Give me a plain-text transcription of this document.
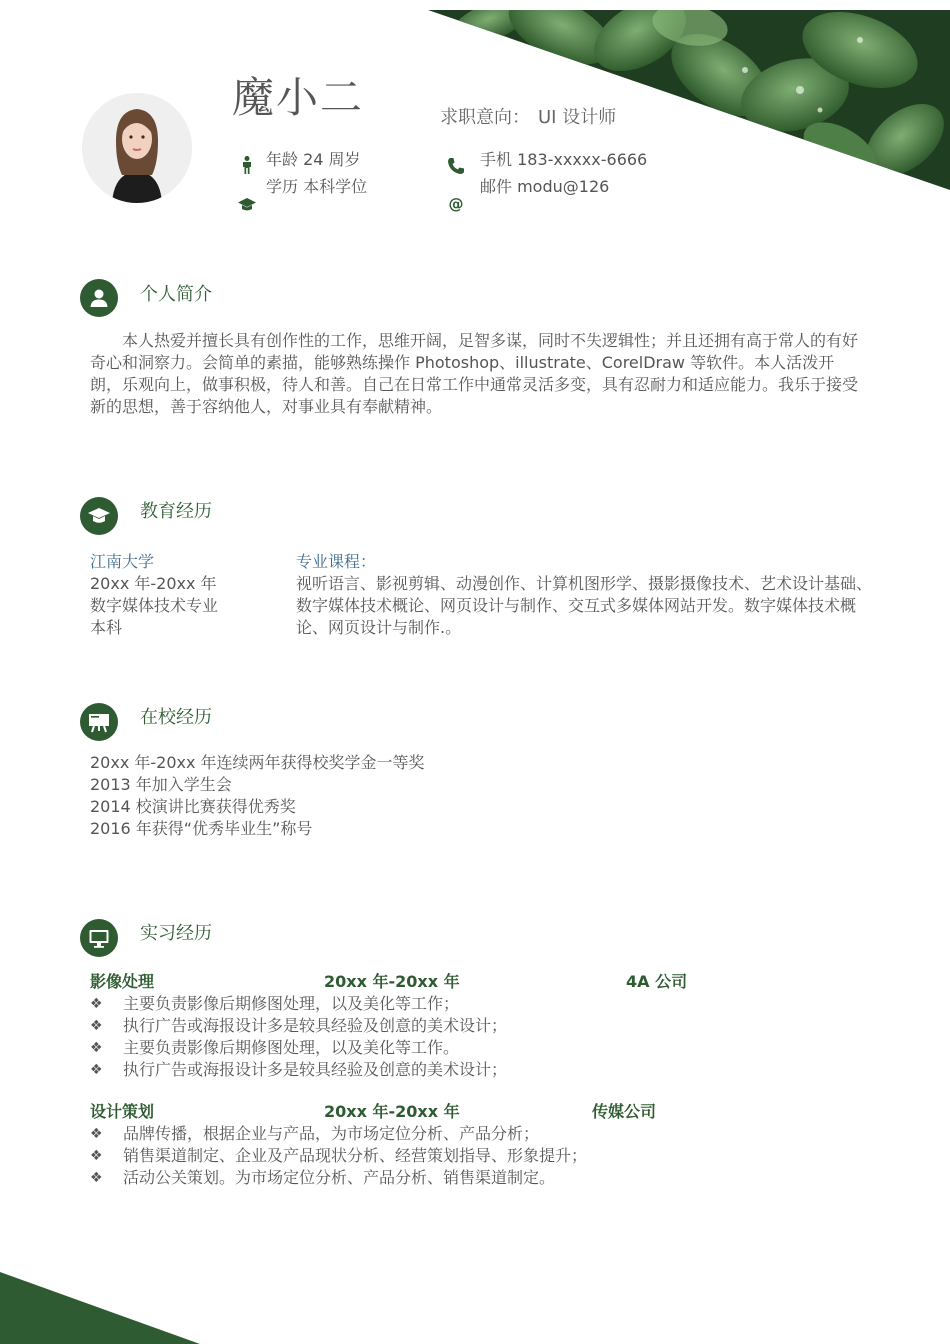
魔小二	求职意向： UI 设计师
年龄 24 周岁
学历 本科学位
手机 183-xxxxx-6666
@
邮件 modu@126
个人简介

本人热爱并擅长具有创作性的工作，思维开阔，足智多谋，同时不失逻辑性；并且还拥有高于常人的有好奇心和洞察力。会简单的素描，能够熟练操作 Photoshop、illustrate、CorelDraw 等软件。本人活泼开朗，乐观向上，做事积极，待人和善。自己在日常工作中通常灵活多变，具有忍耐力和适应能力。我乐于接受新的思想，善于容纳他人，对事业具有奉献精神。

教育经历
江南大学
20xx 年-20xx 年
数字媒体技术专业
本科
专业课程：
视听语言、影视剪辑、动漫创作、计算机图形学、摄影摄像技术、艺术设计基础、数字媒体技术概论、网页设计与制作、交互式多媒体网站开发。数字媒体技术概论、网页设计与制作.。
在校经历
20xx 年-20xx 年连续两年获得校奖学金一等奖
2013 年加入学生会
2014 校演讲比赛获得优秀奖
2016 年获得“优秀毕业生”称号
实习经历
影像处理	20xx 年-20xx 年	4A 公司
❖ 主要负责影像后期修图处理，以及美化等工作；
❖ 执行广告或海报设计多是较具经验及创意的美术设计；
❖ 主要负责影像后期修图处理，以及美化等工作。
❖ 执行广告或海报设计多是较具经验及创意的美术设计；
设计策划	20xx 年-20xx 年	传媒公司
❖ 品牌传播，根据企业与产品，为市场定位分析、产品分析；
❖ 销售渠道制定、企业及产品现状分析、经营策划指导、形象提升；
❖ 活动公关策划。为市场定位分析、产品分析、销售渠道制定。
